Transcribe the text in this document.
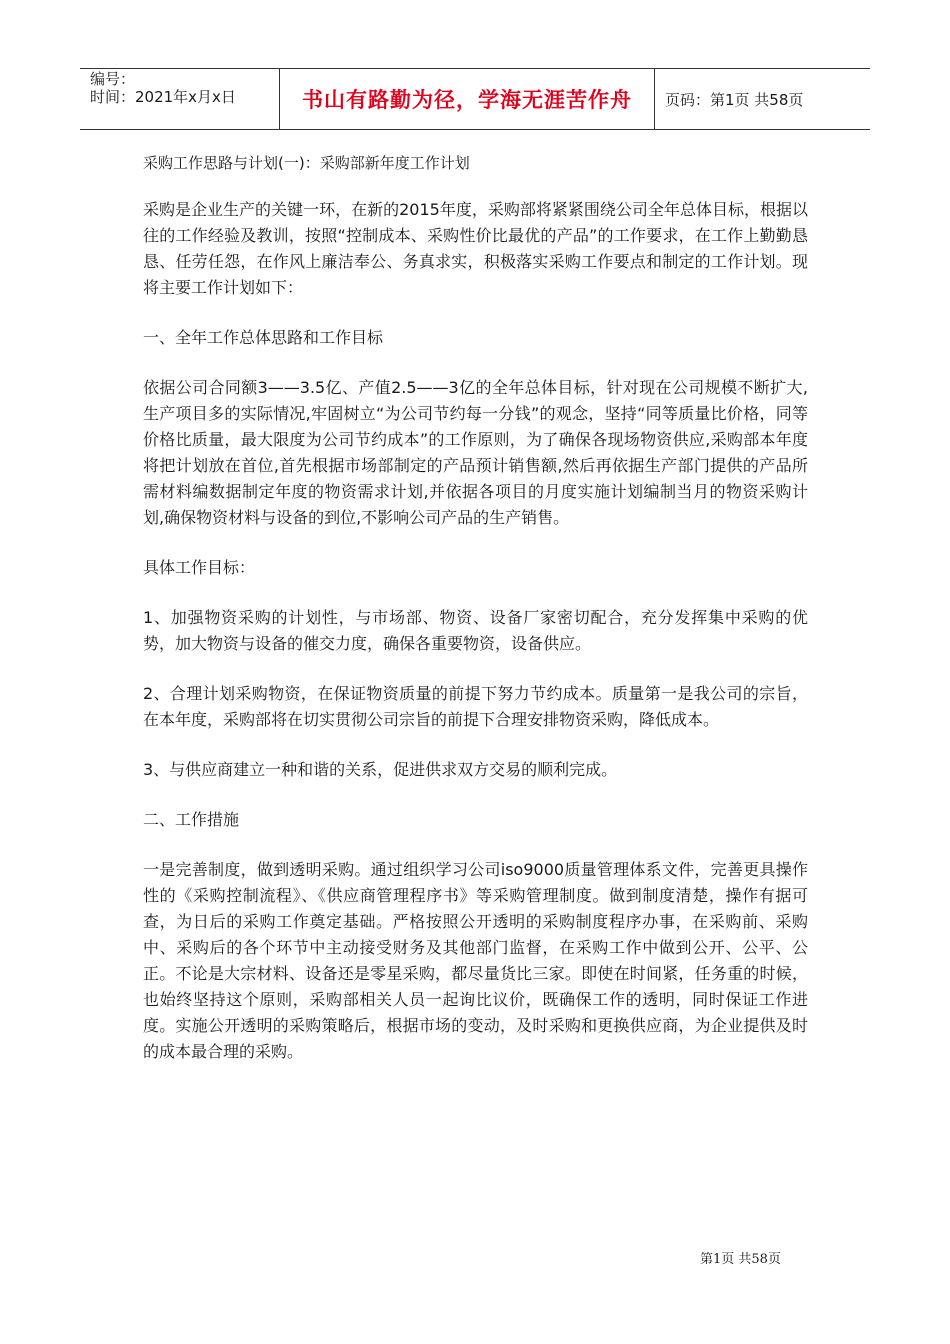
编号：
时间：2021年x月x日	书山有路勤为径，学海无涯苦作舟	页码：第1页 共58页

采购工作思路与计划(一)：采购部新年度工作计划

采购是企业生产的关键一环，在新的2015年度，采购部将紧紧围绕公司全年总体目标，根据以往的工作经验及教训，按照“控制成本、采购性价比最优的产品”的工作要求，在工作上勤勤恳恳、任劳任怨，在作风上廉洁奉公、务真求实，积极落实采购工作要点和制定的工作计划。现将主要工作计划如下：

一、全年工作总体思路和工作目标

依据公司合同额3——3.5亿、产值2.5——3亿的全年总体目标，针对现在公司规模不断扩大,生产项目多的实际情况,牢固树立“为公司节约每一分钱”的观念，坚持“同等质量比价格，同等价格比质量，最大限度为公司节约成本”的工作原则，为了确保各现场物资供应,采购部本年度将把计划放在首位,首先根据市场部制定的产品预计销售额,然后再依据生产部门提供的产品所需材料编数据制定年度的物资需求计划,并依据各项目的月度实施计划编制当月的物资采购计划,确保物资材料与设备的到位,不影响公司产品的生产销售。

具体工作目标：

1、加强物资采购的计划性，与市场部、物资、设备厂家密切配合，充分发挥集中采购的优势，加大物资与设备的催交力度，确保各重要物资，设备供应。

2、合理计划采购物资，在保证物资质量的前提下努力节约成本。质量第一是我公司的宗旨，在本年度，采购部将在切实贯彻公司宗旨的前提下合理安排物资采购，降低成本。

3、与供应商建立一种和谐的关系，促进供求双方交易的顺利完成。

二、工作措施

一是完善制度，做到透明采购。通过组织学习公司iso9000质量管理体系文件，完善更具操作性的《采购控制流程》、《供应商管理程序书》等采购管理制度。做到制度清楚，操作有据可查，为日后的采购工作奠定基础。严格按照公开透明的采购制度程序办事，在采购前、采购中、采购后的各个环节中主动接受财务及其他部门监督，在采购工作中做到公开、公平、公正。不论是大宗材料、设备还是零星采购，都尽量货比三家。即使在时间紧，任务重的时候，也始终坚持这个原则，采购部相关人员一起询比议价，既确保工作的透明，同时保证工作进度。实施公开透明的采购策略后，根据市场的变动，及时采购和更换供应商，为企业提供及时的成本最合理的采购。

第1页 共58页
